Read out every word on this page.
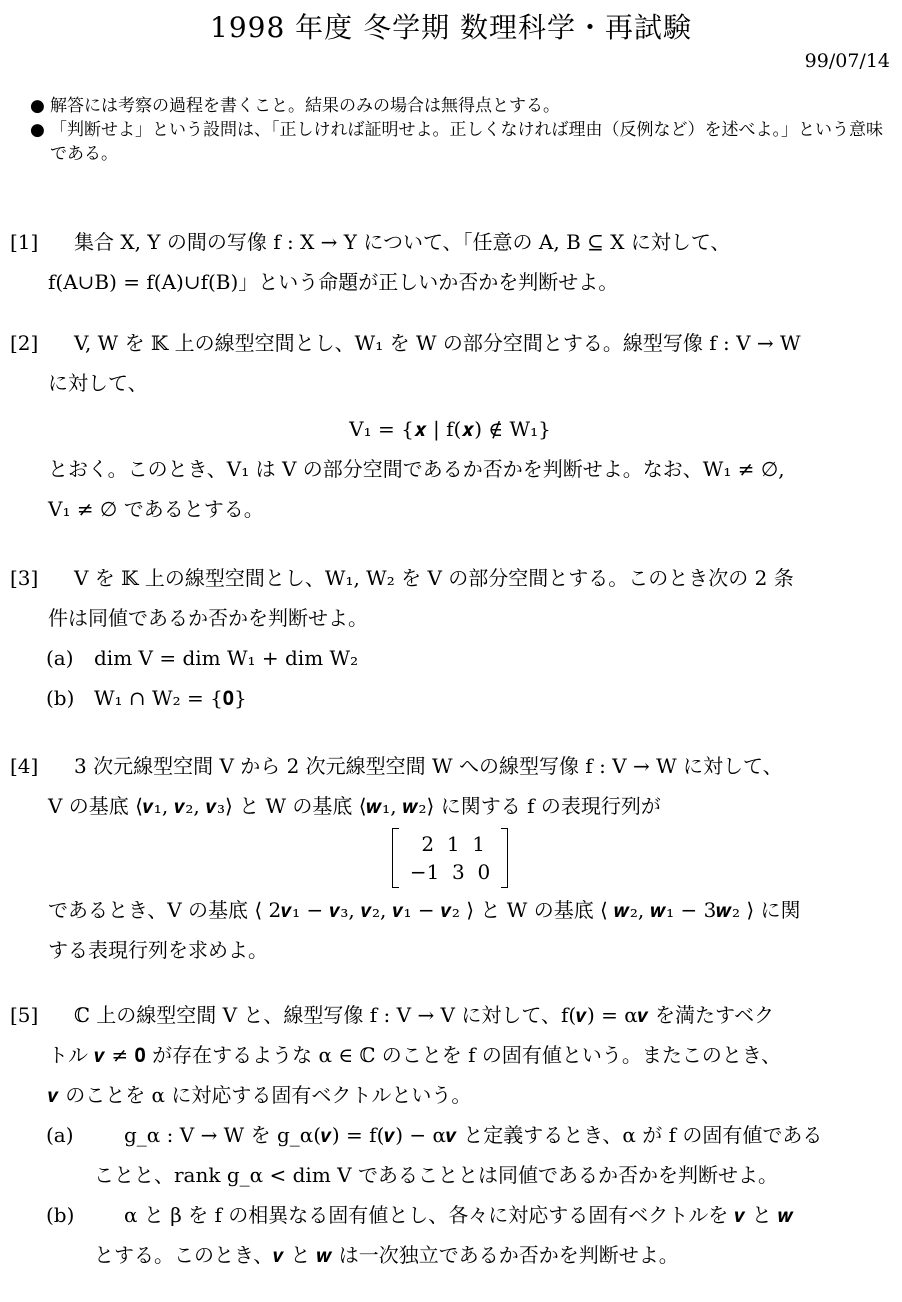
1998 年度 冬学期 数理科学・再試験
99/07/14
● 解答には考察の過程を書くこと。結果のみの場合は無得点とする。
● 「判断せよ」という設問は、「正しければ証明せよ。正しくなければ理由（反例など）を述べよ。」という意味である。
[1]	集合 X, Y の間の写像 f : X → Y について、「任意の A, B ⊆ X に対して、
f(A∪B) = f(A)∪f(B)」という命題が正しいか否かを判断せよ。
[2]	V, W を 𝕂 上の線型空間とし、W₁ を W の部分空間とする。線型写像 f : V → W
に対して、
V₁ = {𝒙 | f(𝒙) ∉ W₁}
とおく。このとき、V₁ は V の部分空間であるか否かを判断せよ。なお、W₁ ≠ ∅,
V₁ ≠ ∅ であるとする。
[3]	V を 𝕂 上の線型空間とし、W₁, W₂ を V の部分空間とする。このとき次の 2 条
件は同値であるか否かを判断せよ。
(a)	dim V = dim W₁ + dim W₂
(b) W₁ ∩ W₂ = {𝟎}
[4]	3 次元線型空間 V から 2 次元線型空間 W への線型写像 f : V → W に対して、
V の基底 ⟨𝒗₁, 𝒗₂, 𝒗₃⟩ と W の基底 ⟨𝒘₁, 𝒘₂⟩ に関する f の表現行列が
2  1  1
−1  3  0
であるとき、V の基底 ⟨ 2𝒗₁ − 𝒗₃, 𝒗₂, 𝒗₁ − 𝒗₂ ⟩ と W の基底 ⟨ 𝒘₂, 𝒘₁ − 3𝒘₂ ⟩ に関
する表現行列を求めよ。
[5]	ℂ 上の線型空間 V と、線型写像 f : V → V に対して、f(𝒗) = α𝒗 を満たすベク
トル 𝒗 ≠ 𝟎 が存在するような α ∈ ℂ のことを f の固有値という。またこのとき、
𝒗 のことを α に対応する固有ベクトルという。
(a)	g_α : V → W を g_α(𝒗) = f(𝒗) − α𝒗 と定義するとき、α が f の固有値である
ことと、rank g_α < dim V であることとは同値であるか否かを判断せよ。
(b)	α と β を f の相異なる固有値とし、各々に対応する固有ベクトルを 𝒗 と 𝒘
とする。このとき、𝒗 と 𝒘 は一次独立であるか否かを判断せよ。
